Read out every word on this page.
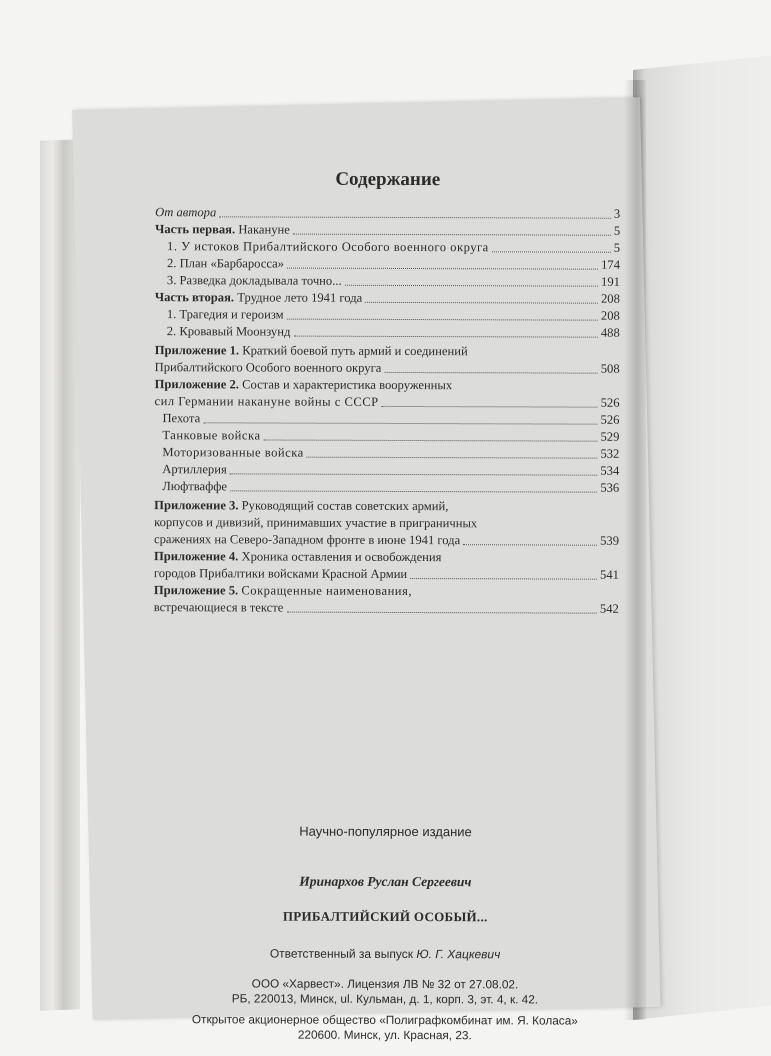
Содержание
От автора	3
Часть первая. Накануне	5
1. У истоков Прибалтийского Особого военного округа	5
2. План «Барбаросса»	174
3. Разведка докладывала точно...	191
Часть вторая. Трудное лето 1941 года	208
1. Трагедия и героизм	208
2. Кровавый Моонзунд	488
Приложение 1. Краткий боевой путь армий и соединений
Прибалтийского Особого военного округа	508
Приложение 2. Состав и характеристика вооруженных
сил Германии накануне войны с СССР	526
Пехота	526
Танковые войска	529
Моторизованные войска	532
Артиллерия	534
Люфтваффе	536
Приложение 3. Руководящий состав советских армий,
корпусов и дивизий, принимавших участие в приграничных
сражениях на Северо-Западном фронте в июне 1941 года	539
Приложение 4. Хроника оставления и освобождения
городов Прибалтики войсками Красной Армии	541
Приложение 5. Сокращенные наименования,
встречающиеся в тексте	542
Научно-популярное издание
Иринархов Руслан Сергеевич
ПРИБАЛТИЙСКИЙ ОСОБЫЙ...
Ответственный за выпуск Ю. Г. Хацкевич
ООО «Харвест». Лицензия ЛВ № 32 от 27.08.02.
РБ, 220013, Минск, ul. Кульман, д. 1, корп. 3, эт. 4, к. 42.
Открытое акционерное общество «Полиграфкомбинат им. Я. Коласа»
220600. Минск, ул. Красная, 23.
